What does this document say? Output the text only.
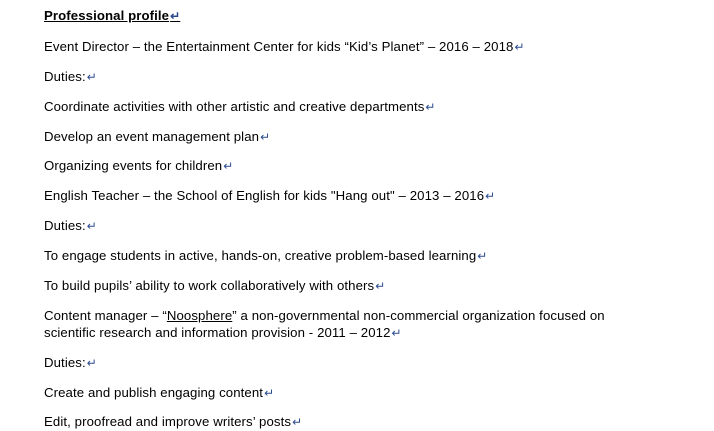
Professional profile↵

Event Director – the Entertainment Center for kids “Kid’s Planet” – 2016 – 2018↵

Duties:↵

Coordinate activities with other artistic and creative departments↵

Develop an event management plan↵

Organizing events for children↵

English Teacher – the School of English for kids "Hang out" – 2013 – 2016↵

Duties:↵

To engage students in active, hands-on, creative problem-based learning↵

To build pupils’ ability to work collaboratively with others↵

Content manager – “Noosphere” a non-governmental non-commercial organization focused on
scientific research and information provision - 2011 – 2012↵

Duties:↵

Create and publish engaging content↵

Edit, proofread and improve writers’ posts↵
